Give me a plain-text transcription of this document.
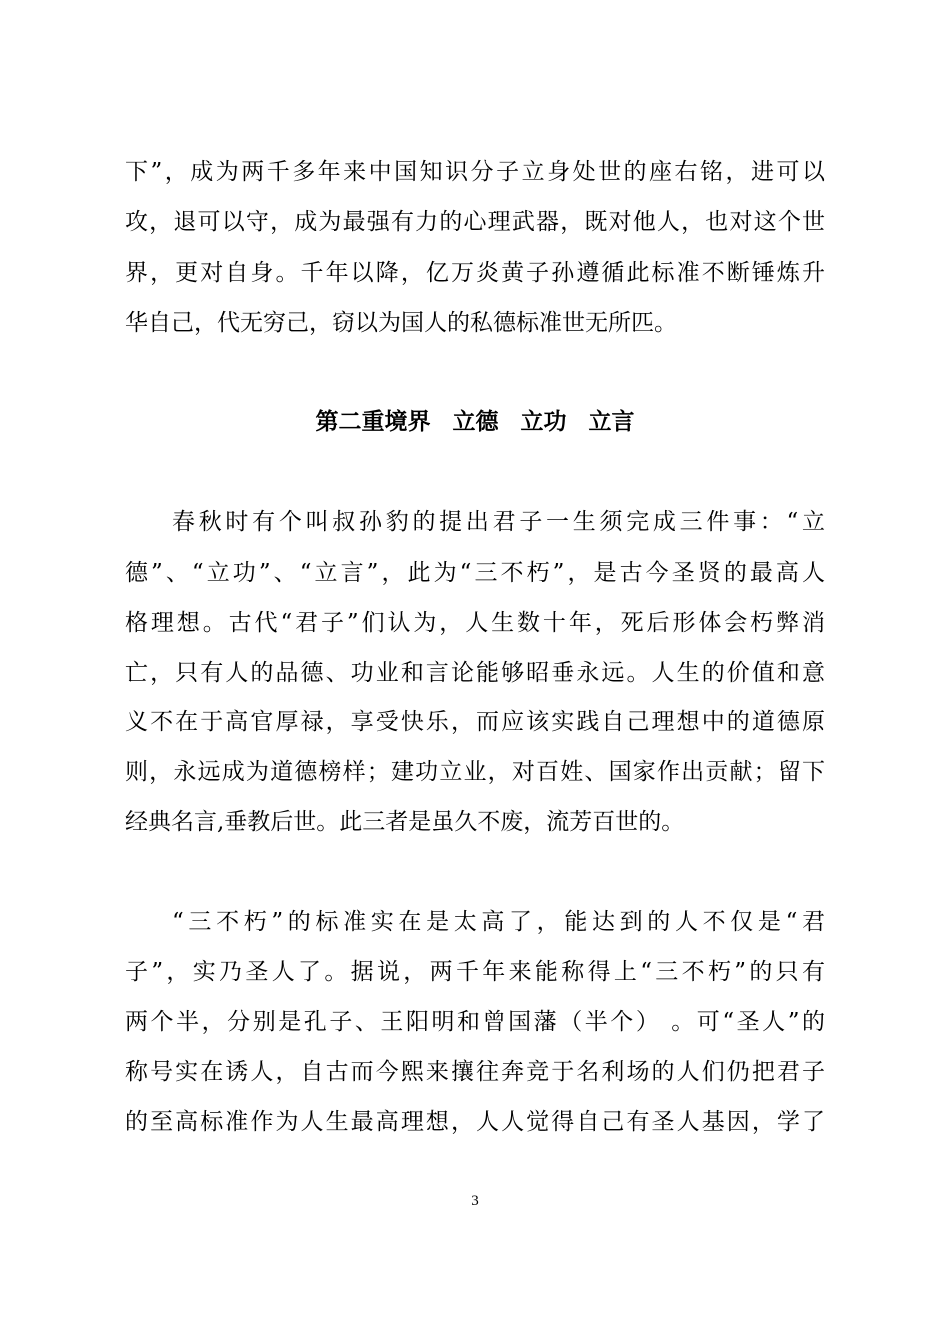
下”，成为两千多年来中国知识分子立身处世的座右铭，进可以
攻，退可以守，成为最强有力的心理武器，既对他人，也对这个世
界，更对自身。千年以降，亿万炎黄子孙遵循此标准不断锤炼升
华自己，代无穷己，窃以为国人的私德标准世无所匹。
第二重境界 立德 立功 立言
春秋时有个叫叔孙豹的提出君子一生须完成三件事：“立
德”、“立功”、“立言”，此为“三不朽”，是古今圣贤的最高人
格理想。古代“君子”们认为，人生数十年，死后形体会朽弊消
亡，只有人的品德、功业和言论能够昭垂永远。人生的价值和意
义不在于高官厚禄，享受快乐，而应该实践自己理想中的道德原
则，永远成为道德榜样；建功立业，对百姓、国家作出贡献；留下
经典名言,垂教后世。此三者是虽久不废，流芳百世的。
“三不朽”的标准实在是太高了，能达到的人不仅是“君
子”，实乃圣人了。据说，两千年来能称得上“三不朽”的只有
两个半，分别是孔子、王阳明和曾国藩（半个） 。可“圣人”的
称号实在诱人，自古而今熙来攘往奔竞于名利场的人们仍把君子
的至高标准作为人生最高理想，人人觉得自己有圣人基因，学了
3
